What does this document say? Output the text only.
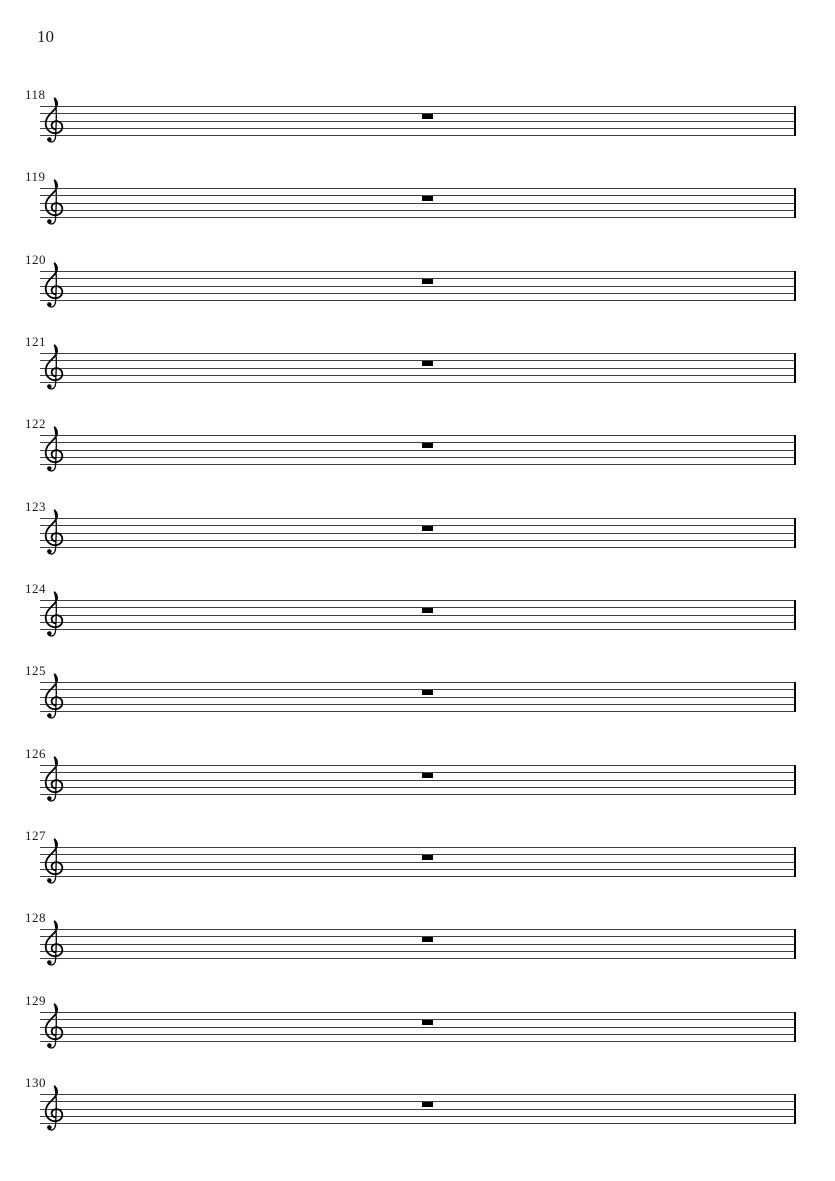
10
118
119
120
121
122
123
124
125
126
127
128
129
130
